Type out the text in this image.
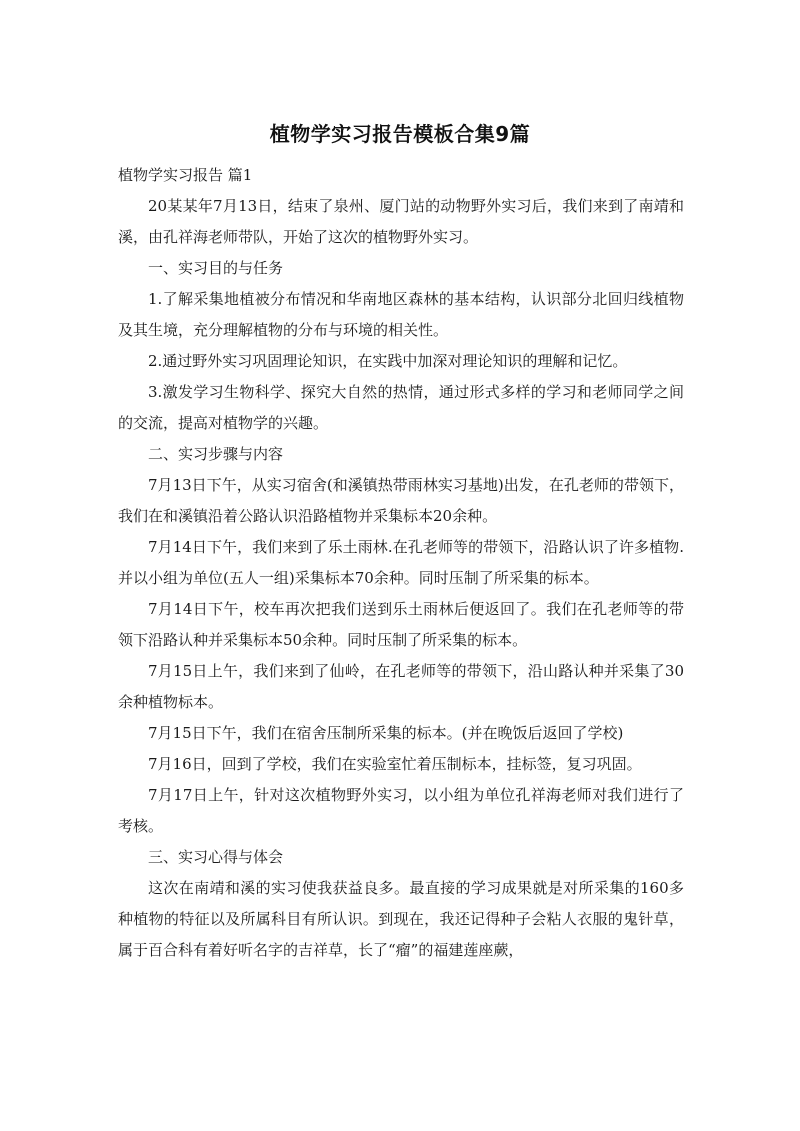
植物学实习报告模板合集9篇

植物学实习报告 篇1

20某某年7月13日，结束了泉州、厦门站的动物野外实习后，我们来到了南靖和溪，由孔祥海老师带队，开始了这次的植物野外实习。

一、实习目的与任务

1.了解采集地植被分布情况和华南地区森林的基本结构，认识部分北回归线植物及其生境，充分理解植物的分布与环境的相关性。

2.通过野外实习巩固理论知识，在实践中加深对理论知识的理解和记忆。

3.激发学习生物科学、探究大自然的热情，通过形式多样的学习和老师同学之间的交流，提高对植物学的兴趣。

二、实习步骤与内容

7月13日下午，从实习宿舍(和溪镇热带雨林实习基地)出发，在孔老师的带领下，我们在和溪镇沿着公路认识沿路植物并采集标本20余种。

7月14日下午，我们来到了乐土雨林.在孔老师等的带领下，沿路认识了许多植物.并以小组为单位(五人一组)采集标本70余种。同时压制了所采集的标本。

7月14日下午，校车再次把我们送到乐土雨林后便返回了。我们在孔老师等的带领下沿路认种并采集标本50余种。同时压制了所采集的标本。

7月15日上午，我们来到了仙岭，在孔老师等的带领下，沿山路认种并采集了30余种植物标本。

7月15日下午，我们在宿舍压制所采集的标本。(并在晚饭后返回了学校)

7月16日，回到了学校，我们在实验室忙着压制标本，挂标签，复习巩固。

7月17日上午，针对这次植物野外实习，以小组为单位孔祥海老师对我们进行了考核。

三、实习心得与体会

这次在南靖和溪的实习使我获益良多。最直接的学习成果就是对所采集的160多种植物的特征以及所属科目有所认识。到现在，我还记得种子会粘人衣服的鬼针草，属于百合科有着好听名字的吉祥草，长了“瘤”的福建莲座蕨，
